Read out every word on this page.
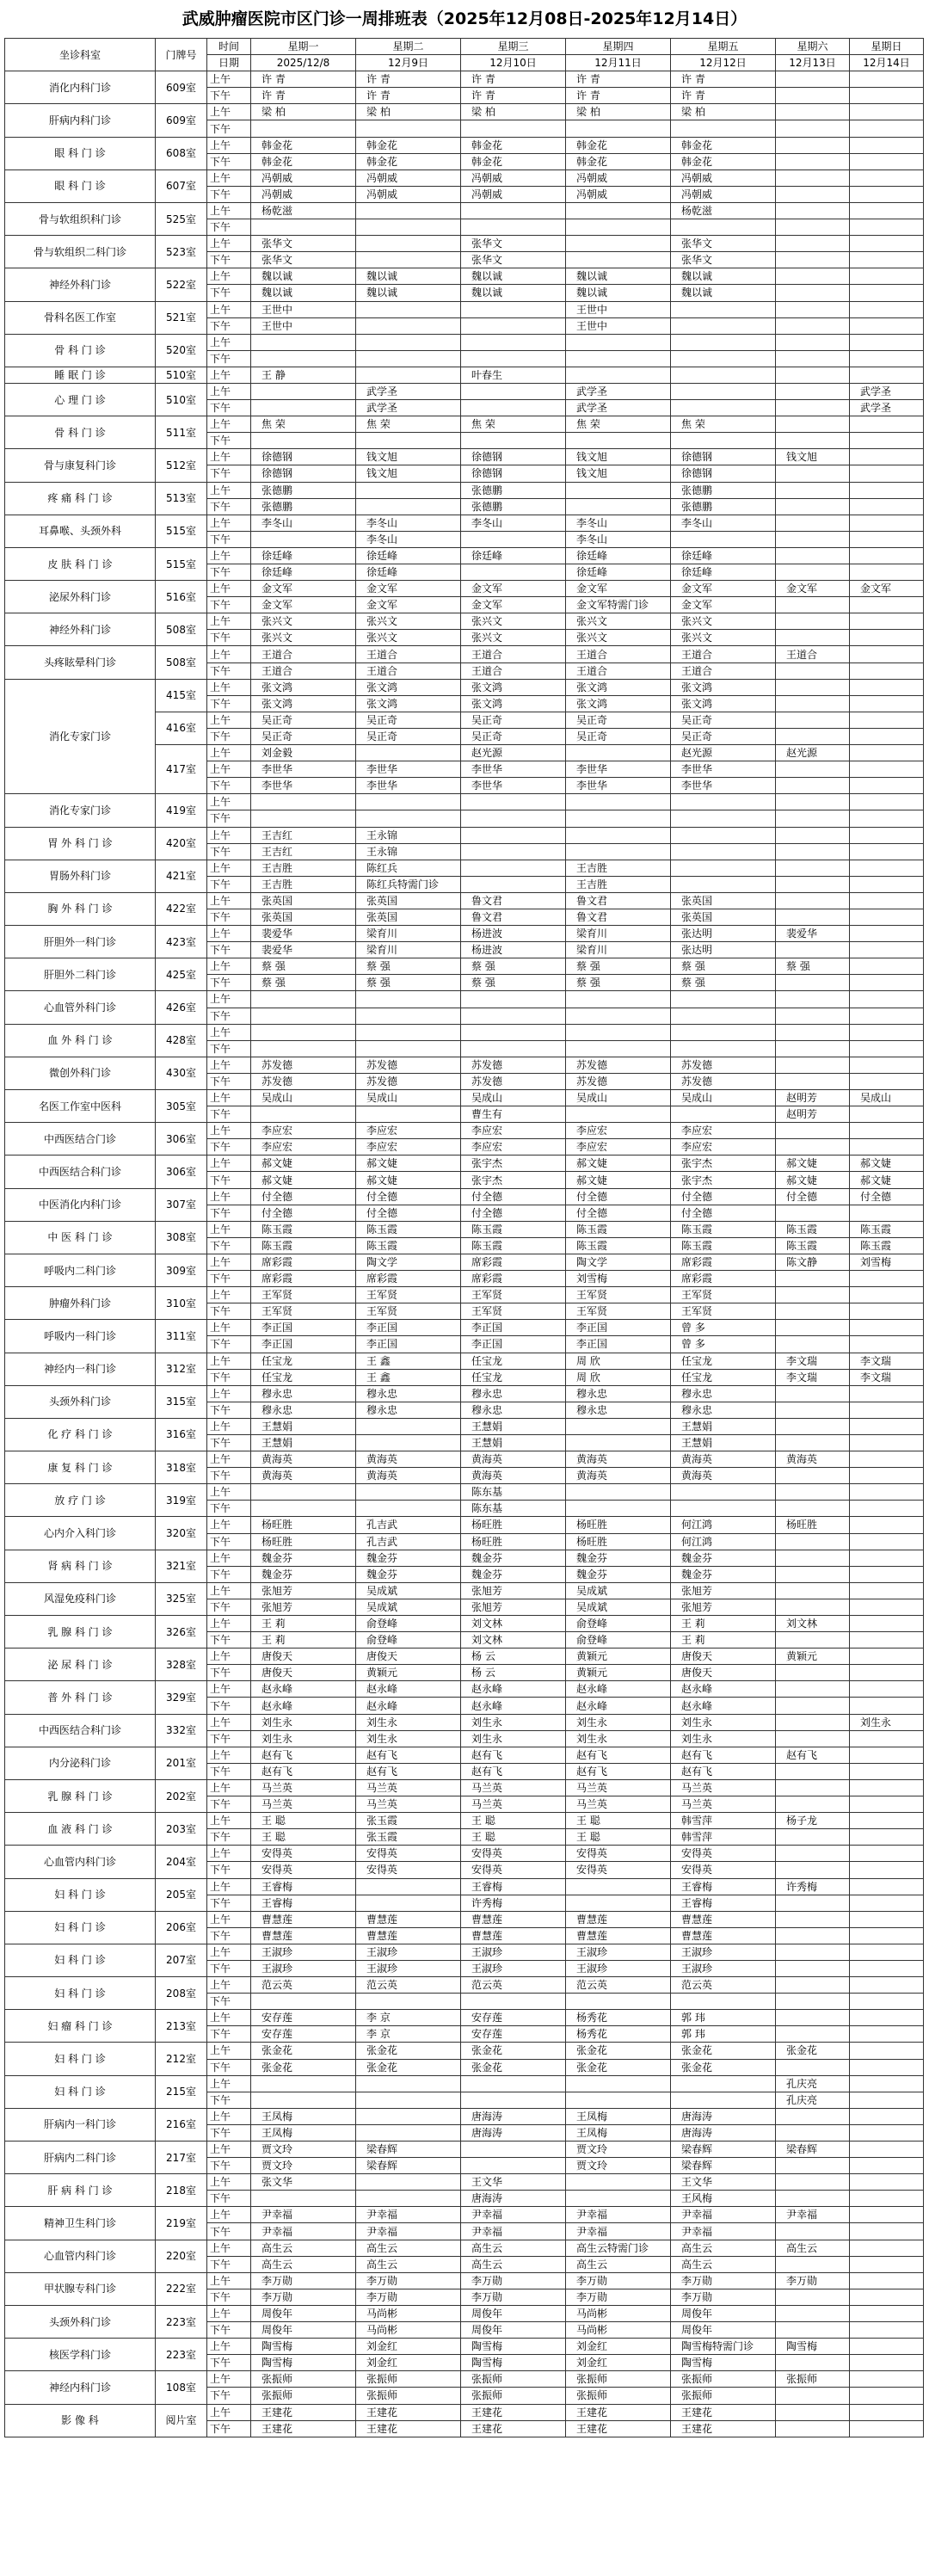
武威肿瘤医院市区门诊一周排班表（2025年12月08日-2025年12月14日）
坐诊科室	门牌号	时间	星期一	星期二	星期三	星期四	星期五	星期六	星期日
		日期	2025/12/8	12月9日	12月10日	12月11日	12月12日	12月13日	12月14日
消化内科门诊	609室	上午	许 青	许 青	许 青	许 青	许 青		
		下午	许 青	许 青	许 青	许 青	许 青		
肝病内科门诊	609室	上午	梁 柏	梁 柏	梁 柏	梁 柏	梁 柏		
		下午							
眼 科 门 诊	608室	上午	韩金花	韩金花	韩金花	韩金花	韩金花		
		下午	韩金花	韩金花	韩金花	韩金花	韩金花		
眼 科 门 诊	607室	上午	冯朝威	冯朝威	冯朝威	冯朝威	冯朝威		
		下午	冯朝威	冯朝威	冯朝威	冯朝威	冯朝威		
骨与软组织科门诊	525室	上午	杨乾滋				杨乾滋		
		下午							
骨与软组织二科门诊	523室	上午	张华文		张华文		张华文		
		下午	张华文		张华文		张华文		
神经外科门诊	522室	上午	魏以诚	魏以诚	魏以诚	魏以诚	魏以诚		
		下午	魏以诚	魏以诚	魏以诚	魏以诚	魏以诚		
骨科名医工作室	521室	上午	王世中			王世中			
		下午	王世中			王世中			
骨 科 门 诊	520室	上午							
		下午							
睡 眠 门 诊	510室	上午	王 静		叶春生				
心 理 门 诊	510室	上午		武学圣		武学圣			武学圣
		下午		武学圣		武学圣			武学圣
骨 科 门 诊	511室	上午	焦 荣	焦 荣	焦 荣	焦 荣	焦 荣		
		下午							
骨与康复科门诊	512室	上午	徐德钢	钱文旭	徐德钢	钱文旭	徐德钢	钱文旭	
		下午	徐德钢	钱文旭	徐德钢	钱文旭	徐德钢		
疼 痛 科 门 诊	513室	上午	张德鹏		张德鹏		张德鹏		
		下午	张德鹏		张德鹏		张德鹏		
耳鼻喉、头颈外科	515室	上午	李冬山	李冬山	李冬山	李冬山	李冬山		
		下午		李冬山		李冬山			
皮 肤 科 门 诊	515室	上午	徐廷峰	徐廷峰	徐廷峰	徐廷峰	徐廷峰		
		下午	徐廷峰	徐廷峰		徐廷峰	徐廷峰		
泌尿外科门诊	516室	上午	金文军	金文军	金文军	金文军	金文军	金文军	金文军
		下午	金文军	金文军	金文军	金文军特需门诊	金文军		
神经外科门诊	508室	上午	张兴文	张兴文	张兴文	张兴文	张兴文		
		下午	张兴文	张兴文	张兴文	张兴文	张兴文		
头疼眩晕科门诊	508室	上午	王道合	王道合	王道合	王道合	王道合	王道合	
		下午	王道合	王道合	王道合	王道合	王道合		
消化专家门诊	415室	上午	张文鸿	张文鸿	张文鸿	张文鸿	张文鸿		
		下午	张文鸿	张文鸿	张文鸿	张文鸿	张文鸿		
	416室	上午	吴正奇	吴正奇	吴正奇	吴正奇	吴正奇		
		下午	吴正奇	吴正奇	吴正奇	吴正奇	吴正奇		
	417室	上午	刘金毅		赵光源		赵光源	赵光源	
		上午	李世华	李世华	李世华	李世华	李世华		
		下午	李世华	李世华	李世华	李世华	李世华		
消化专家门诊	419室	上午							
		下午							
胃 外 科 门 诊	420室	上午	王吉红	王永锦					
		下午	王吉红	王永锦					
胃肠外科门诊	421室	上午	王吉胜	陈红兵		王吉胜			
		下午	王吉胜	陈红兵特需门诊		王吉胜			
胸 外 科 门 诊	422室	上午	张英国	张英国	鲁文君	鲁文君	张英国		
		下午	张英国	张英国	鲁文君	鲁文君	张英国		
肝胆外一科门诊	423室	上午	裴爱华	梁育川	杨进波	梁育川	张达明	裴爱华	
		下午	裴爱华	梁育川	杨进波	梁育川	张达明		
肝胆外二科门诊	425室	上午	蔡 强	蔡 强	蔡 强	蔡 强	蔡 强	蔡 强	
		下午	蔡 强	蔡 强	蔡 强	蔡 强	蔡 强		
心血管外科门诊	426室	上午							
		下午							
血 外 科 门 诊	428室	上午							
		下午							
微创外科门诊	430室	上午	苏发德	苏发德	苏发德	苏发德	苏发德		
		下午	苏发德	苏发德	苏发德	苏发德	苏发德		
名医工作室中医科	305室	上午	吴成山	吴成山	吴成山	吴成山	吴成山	赵明芳	吴成山
		下午			曹生有			赵明芳	
中西医结合门诊	306室	上午	李应宏	李应宏	李应宏	李应宏	李应宏		
		下午	李应宏	李应宏	李应宏	李应宏	李应宏		
中西医结合科门诊	306室	上午	郝文婕	郝文婕	张宇杰	郝文婕	张宇杰	郝文婕	郝文婕
		下午	郝文婕	郝文婕	张宇杰	郝文婕	张宇杰	郝文婕	郝文婕
中医消化内科门诊	307室	上午	付全德	付全德	付全德	付全德	付全德	付全德	付全德
		下午	付全德	付全德	付全德	付全德	付全德		
中 医 科 门 诊	308室	上午	陈玉霞	陈玉霞	陈玉霞	陈玉霞	陈玉霞	陈玉霞	陈玉霞
		下午	陈玉霞	陈玉霞	陈玉霞	陈玉霞	陈玉霞	陈玉霞	陈玉霞
呼吸内二科门诊	309室	上午	席彩霞	陶文学	席彩霞	陶文学	席彩霞	陈文静	刘雪梅
		下午	席彩霞	席彩霞	席彩霞	刘雪梅	席彩霞		
肿瘤外科门诊	310室	上午	王军贤	王军贤	王军贤	王军贤	王军贤		
		下午	王军贤	王军贤	王军贤	王军贤	王军贤		
呼吸内一科门诊	311室	上午	李正国	李正国	李正国	李正国	曾 多		
		下午	李正国	李正国	李正国	李正国	曾 多		
神经内一科门诊	312室	上午	任宝龙	王 鑫	任宝龙	周 欣	任宝龙	李文瑞	李文瑞
		下午	任宝龙	王 鑫	任宝龙	周 欣	任宝龙	李文瑞	李文瑞
头颈外科门诊	315室	上午	穆永忠	穆永忠	穆永忠	穆永忠	穆永忠		
		下午	穆永忠	穆永忠	穆永忠	穆永忠	穆永忠		
化 疗 科 门 诊	316室	上午	王慧娟		王慧娟		王慧娟		
		下午	王慧娟		王慧娟		王慧娟		
康 复 科 门 诊	318室	上午	黄海英	黄海英	黄海英	黄海英	黄海英	黄海英	
		下午	黄海英	黄海英	黄海英	黄海英	黄海英		
放 疗 门 诊	319室	上午			陈东基				
		下午			陈东基				
心内介入科门诊	320室	上午	杨旺胜	孔吉武	杨旺胜	杨旺胜	何江鸿	杨旺胜	
		下午	杨旺胜	孔吉武	杨旺胜	杨旺胜	何江鸿		
肾 病 科 门 诊	321室	上午	魏金芬	魏金芬	魏金芬	魏金芬	魏金芬		
		下午	魏金芬	魏金芬	魏金芬	魏金芬	魏金芬		
风湿免疫科门诊	325室	上午	张旭芳	吴成斌	张旭芳	吴成斌	张旭芳		
		下午	张旭芳	吴成斌	张旭芳	吴成斌	张旭芳		
乳 腺 科 门 诊	326室	上午	王 莉	俞登峰	刘文林	俞登峰	王 莉	刘文林	
		下午	王 莉	俞登峰	刘文林	俞登峰	王 莉		
泌 尿 科 门 诊	328室	上午	唐俊天	唐俊天	杨 云	黄颖元	唐俊天	黄颖元	
		下午	唐俊天	黄颖元	杨 云	黄颖元	唐俊天		
普 外 科 门 诊	329室	上午	赵永峰	赵永峰	赵永峰	赵永峰	赵永峰		
		下午	赵永峰	赵永峰	赵永峰	赵永峰	赵永峰		
中西医结合科门诊	332室	上午	刘生永	刘生永	刘生永	刘生永	刘生永		刘生永
		下午	刘生永	刘生永	刘生永	刘生永	刘生永		
内分泌科门诊	201室	上午	赵有飞	赵有飞	赵有飞	赵有飞	赵有飞	赵有飞	
		下午	赵有飞	赵有飞	赵有飞	赵有飞	赵有飞		
乳 腺 科 门 诊	202室	上午	马兰英	马兰英	马兰英	马兰英	马兰英		
		下午	马兰英	马兰英	马兰英	马兰英	马兰英		
血 液 科 门 诊	203室	上午	王 聪	张玉霞	王 聪	王 聪	韩雪萍	杨子龙	
		下午	王 聪	张玉霞	王 聪	王 聪	韩雪萍		
心血管内科门诊	204室	上午	安得英	安得英	安得英	安得英	安得英		
		下午	安得英	安得英	安得英	安得英	安得英		
妇 科 门 诊	205室	上午	王睿梅		王睿梅		王睿梅	许秀梅	
		下午	王睿梅		许秀梅		王睿梅		
妇 科 门 诊	206室	上午	曹慧莲	曹慧莲	曹慧莲	曹慧莲	曹慧莲		
		下午	曹慧莲	曹慧莲	曹慧莲	曹慧莲	曹慧莲		
妇 科 门 诊	207室	上午	王淑珍	王淑珍	王淑珍	王淑珍	王淑珍		
		下午	王淑珍	王淑珍	王淑珍	王淑珍	王淑珍		
妇 科 门 诊	208室	上午	范云英	范云英	范云英	范云英	范云英		
		下午							
妇 瘤 科 门 诊	213室	上午	安存莲	李 京	安存莲	杨秀花	郭 玮		
		下午	安存莲	李 京	安存莲	杨秀花	郭 玮		
妇 科 门 诊	212室	上午	张金花	张金花	张金花	张金花	张金花	张金花	
		下午	张金花	张金花	张金花	张金花	张金花		
妇 科 门 诊	215室	上午						孔庆亮	
		下午						孔庆亮	
肝病内一科门诊	216室	上午	王凤梅		唐海涛	王凤梅	唐海涛		
		下午	王凤梅		唐海涛	王凤梅	唐海涛		
肝病内二科门诊	217室	上午	贾文玲	梁春辉		贾文玲	梁春辉	梁春辉	
		下午	贾文玲	梁春辉		贾文玲	梁春辉		
肝 病 科 门 诊	218室	上午	张文华		王文华		王文华		
		下午			唐海涛		王风梅		
精神卫生科门诊	219室	上午	尹幸福	尹幸福	尹幸福	尹幸福	尹幸福	尹幸福	
		下午	尹幸福	尹幸福	尹幸福	尹幸福	尹幸福		
心血管内科门诊	220室	上午	高生云	高生云	高生云	高生云特需门诊	高生云	高生云	
		下午	高生云	高生云	高生云	高生云	高生云		
甲状腺专科门诊	222室	上午	李万勋	李万勋	李万勋	李万勋	李万勋	李万勋	
		下午	李万勋	李万勋	李万勋	李万勋	李万勋		
头颈外科门诊	223室	上午	周俊年	马尚彬	周俊年	马尚彬	周俊年		
		下午	周俊年	马尚彬	周俊年	马尚彬	周俊年		
核医学科门诊	223室	上午	陶雪梅	刘金红	陶雪梅	刘金红	陶雪梅特需门诊	陶雪梅	
		下午	陶雪梅	刘金红	陶雪梅	刘金红	陶雪梅		
神经内科门诊	108室	上午	张振师	张振师	张振师	张振师	张振师	张振师	
		下午	张振师	张振师	张振师	张振师	张振师		
影 像 科	阅片室	上午	王建花	王建花	王建花	王建花	王建花		
		下午	王建花	王建花	王建花	王建花	王建花		
